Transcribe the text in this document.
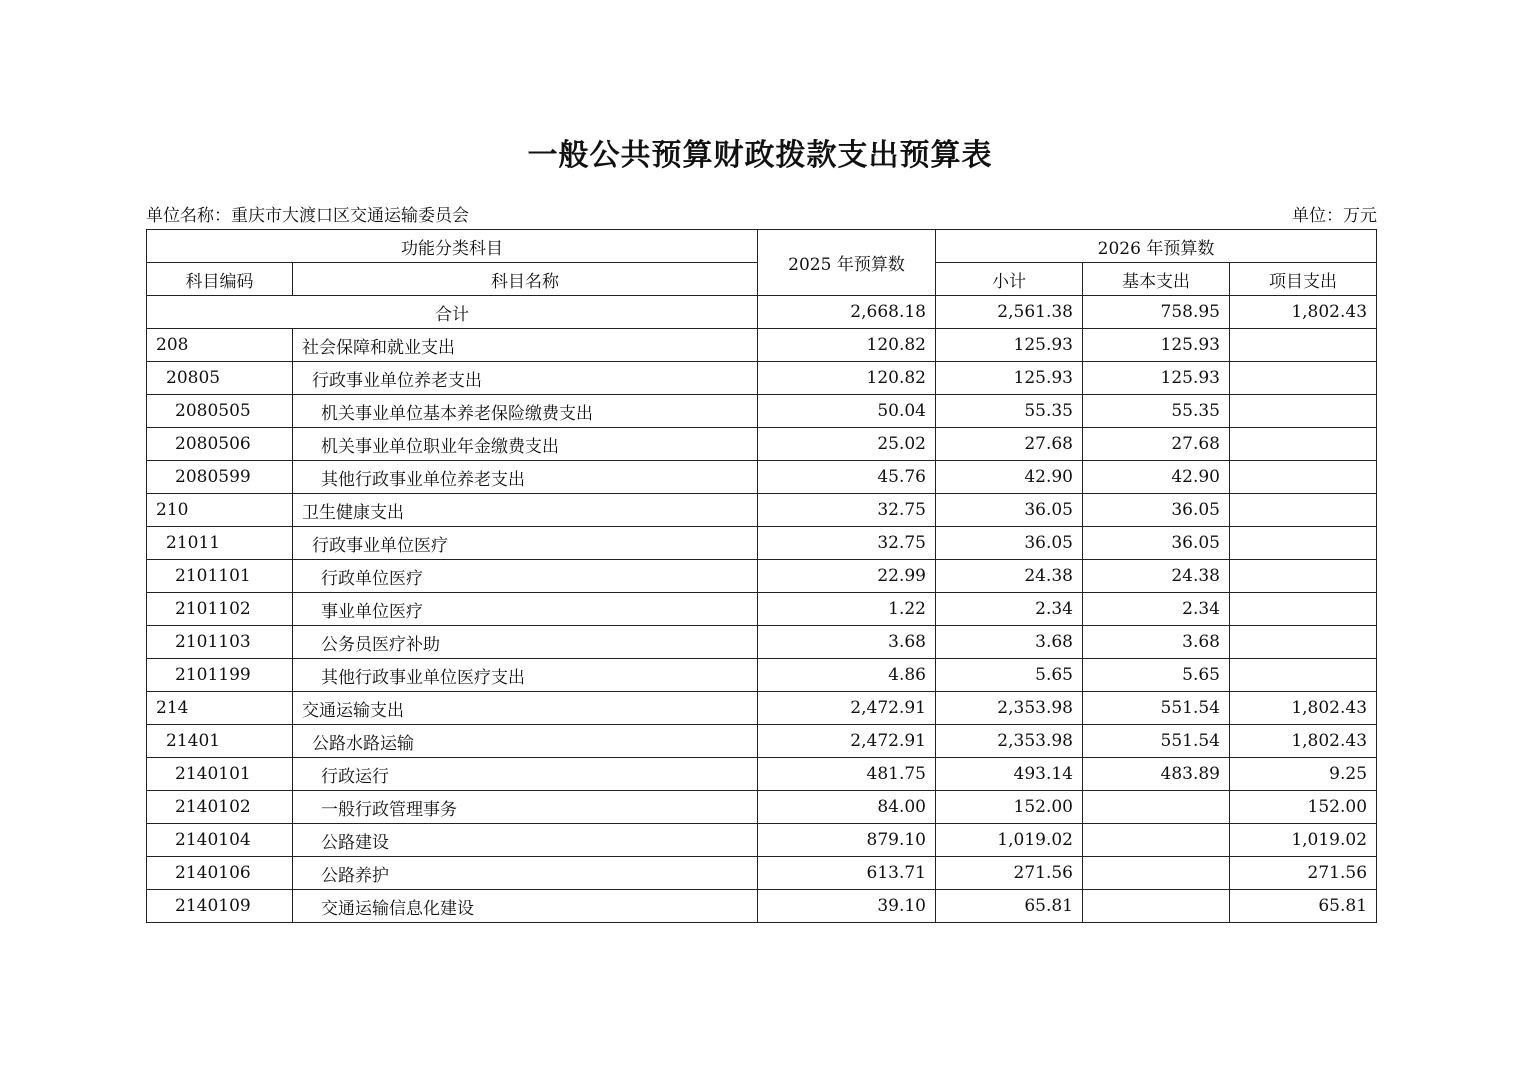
一般公共预算财政拨款支出预算表
单位名称：重庆市大渡口区交通运输委员会	单位：万元
功能分类科目		2025 年预算数	2026 年预算数		
科目编码	科目名称		小计	基本支出	项目支出
合计		2,668.18	2,561.38	758.95	1,802.43
208	社会保障和就业支出	120.82	125.93	125.93	
20805	行政事业单位养老支出	120.82	125.93	125.93	
2080505	机关事业单位基本养老保险缴费支出	50.04	55.35	55.35	
2080506	机关事业单位职业年金缴费支出	25.02	27.68	27.68	
2080599	其他行政事业单位养老支出	45.76	42.90	42.90	
210	卫生健康支出	32.75	36.05	36.05	
21011	行政事业单位医疗	32.75	36.05	36.05	
2101101	行政单位医疗	22.99	24.38	24.38	
2101102	事业单位医疗	1.22	2.34	2.34	
2101103	公务员医疗补助	3.68	3.68	3.68	
2101199	其他行政事业单位医疗支出	4.86	5.65	5.65	
214	交通运输支出	2,472.91	2,353.98	551.54	1,802.43
21401	公路水路运输	2,472.91	2,353.98	551.54	1,802.43
2140101	行政运行	481.75	493.14	483.89	9.25
2140102	一般行政管理事务	84.00	152.00		152.00
2140104	公路建设	879.10	1,019.02		1,019.02
2140106	公路养护	613.71	271.56		271.56
2140109	交通运输信息化建设	39.10	65.81		65.81
